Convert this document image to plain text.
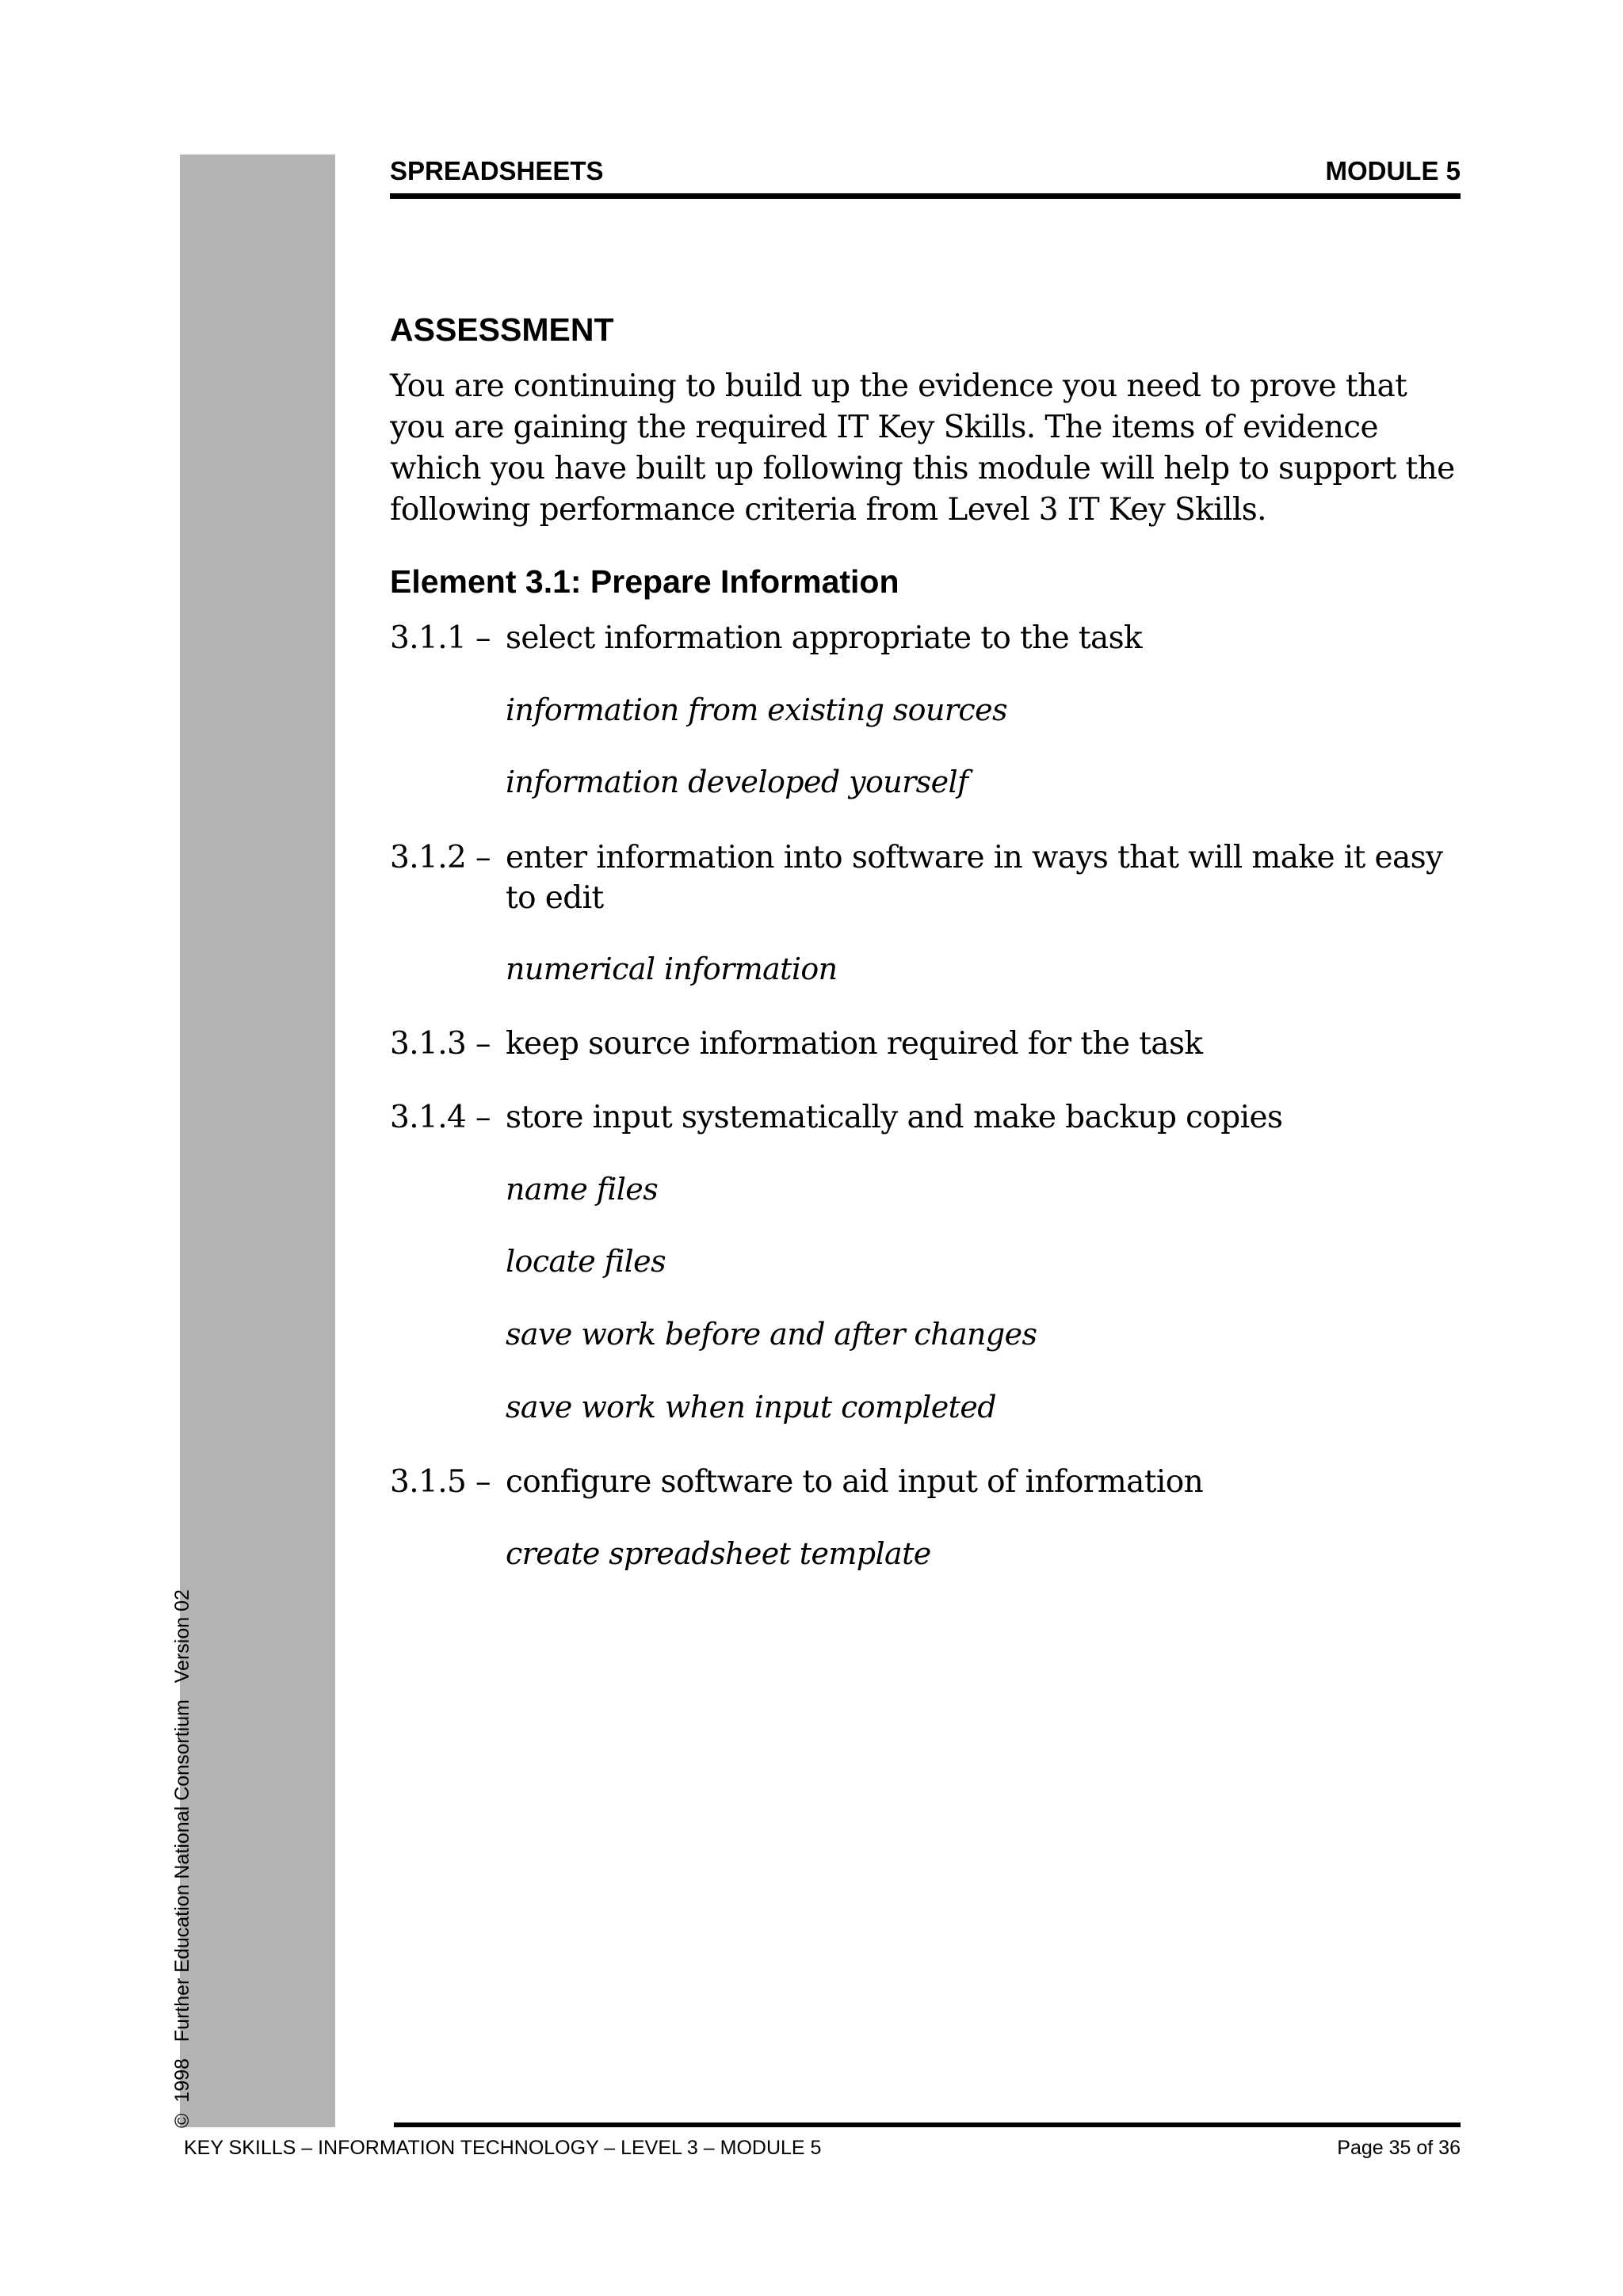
©  1998   Further Education National Consortium   Version 02
SPREADSHEETS	MODULE 5
ASSESSMENT

You are continuing to build up the evidence you need to prove that you are gaining the required IT Key Skills. The items of evidence which you have built up following this module will help to support the following performance criteria from Level 3 IT Key Skills.

Element 3.1: Prepare Information
3.1.1 – select information appropriate to the task
information from existing sources
information developed yourself
3.1.2 – enter information into software in ways that will make it easy to edit
numerical information
3.1.3 – keep source information required for the task
3.1.4 – store input systematically and make backup copies
name files
locate files
save work before and after changes
save work when input completed
3.1.5 – configure software to aid input of information
create spreadsheet template
KEY SKILLS – INFORMATION TECHNOLOGY – LEVEL 3 – MODULE 5	Page 35 of 36
